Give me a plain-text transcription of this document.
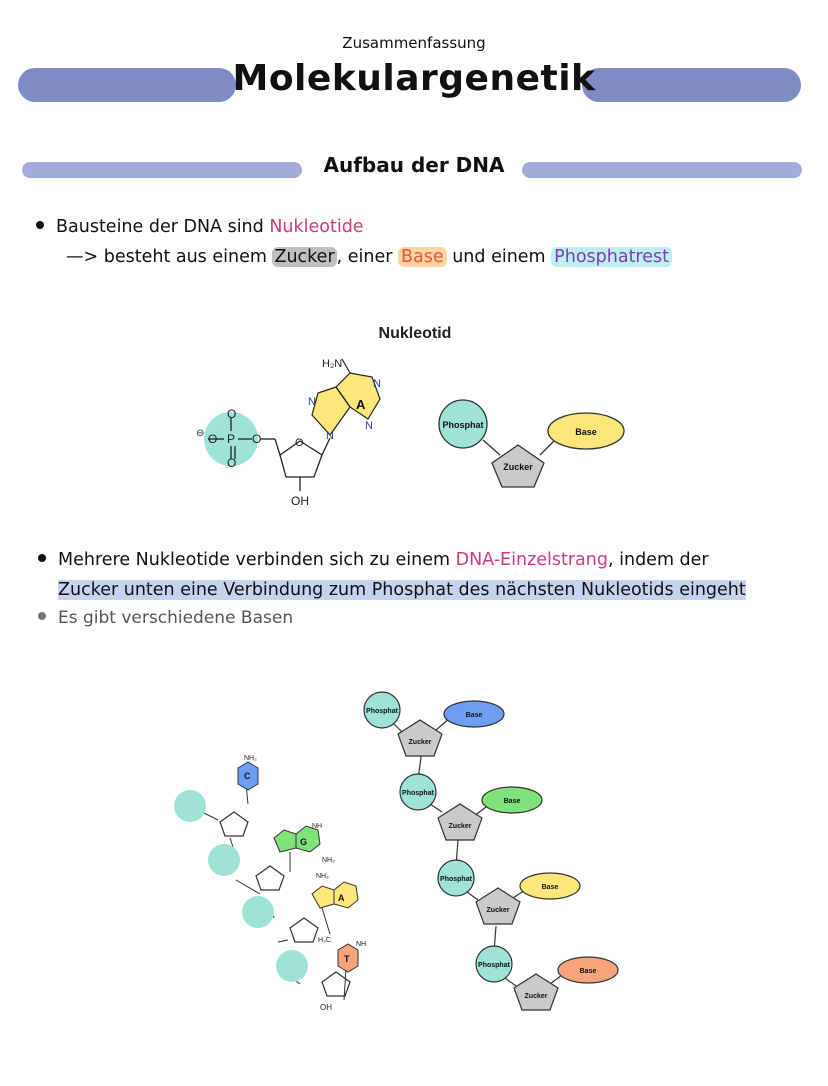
Zusammenfassung
Molekulargenetik
Aufbau der DNA
Bausteine der DNA sind Nukleotide
—> besteht aus einem Zucker , einer Base und einem Phosphatrest
Nukleotid
O
P
O
O	O
⊖
O
OH
A
H₂N
N
N
N
N	Phosphat
Zucker
Base
Mehrere Nukleotide verbinden sich zu einem DNA-Einzelstrang, indem der
Zucker unten eine Verbindung zum Phosphat des nächsten Nukleotids eingeht
Es gibt verschiedene Basen
C
G
A
T
NH₂
NH₂
NH
NH₂
NH
H₃C
OH
Phosphat
Zucker
Base
Phosphat
Zucker
Base
Phosphat
Zucker
Base
Phosphat
Zucker
Base
